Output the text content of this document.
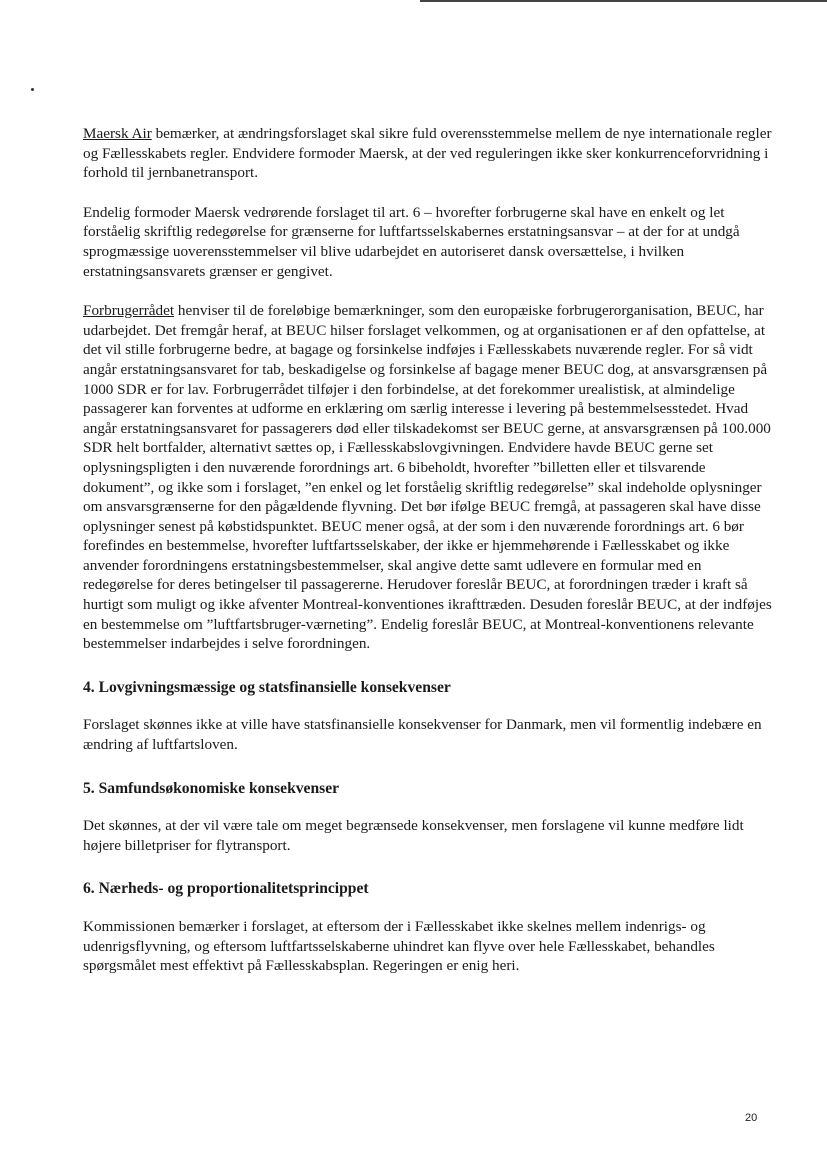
Maersk Air bemærker, at ændringsforslaget skal sikre fuld overensstemmelse mellem de nye internationale regler og Fællesskabets regler. Endvidere formoder Maersk, at der ved reguleringen ikke sker konkurrenceforvridning i forhold til jernbanetransport.

Endelig formoder Maersk vedrørende forslaget til art. 6 – hvorefter forbrugerne skal have en enkelt og let forståelig skriftlig redegørelse for grænserne for luftfartsselskabernes erstatningsansvar – at der for at undgå sprogmæssige uoverensstemmelser vil blive udarbejdet en autoriseret dansk oversættelse, i hvilken erstatningsansvarets grænser er gengivet.

Forbrugerrådet henviser til de foreløbige bemærkninger, som den europæiske forbrugerorganisation, BEUC, har udarbejdet. Det fremgår heraf, at BEUC hilser forslaget velkommen, og at organisationen er af den opfattelse, at det vil stille forbrugerne bedre, at bagage og forsinkelse indføjes i Fællesskabets nuværende regler. For så vidt angår erstatningsansvaret for tab, beskadigelse og forsinkelse af bagage mener BEUC dog, at ansvarsgrænsen på 1000 SDR er for lav. Forbrugerrådet tilføjer i den forbindelse, at det forekommer urealistisk, at almindelige passagerer kan forventes at udforme en erklæring om særlig interesse i levering på bestemmelsesstedet. Hvad angår erstatningsansvaret for passagerers død eller tilskadekomst ser BEUC gerne, at ansvarsgrænsen på 100.000 SDR helt bortfalder, alternativt sættes op, i Fællesskabslovgivningen. Endvidere havde BEUC gerne set oplysningspligten i den nuværende forordnings art. 6 bibeholdt, hvorefter ”billetten eller et tilsvarende dokument”, og ikke som i forslaget, ”en enkel og let forståelig skriftlig redegørelse” skal indeholde oplysninger om ansvarsgrænserne for den pågældende flyvning. Det bør ifølge BEUC fremgå, at passageren skal have disse oplysninger senest på købstidspunktet. BEUC mener også, at der som i den nuværende forordnings art. 6 bør forefindes en bestemmelse, hvorefter luftfartsselskaber, der ikke er hjemmehørende i Fællesskabet og ikke anvender forordningens erstatningsbestemmelser, skal angive dette samt udlevere en formular med en redegørelse for deres betingelser til passagererne. Herudover foreslår BEUC, at forordningen træder i kraft så hurtigt som muligt og ikke afventer Montreal-konventiones ikrafttræden. Desuden foreslår BEUC, at der indføjes en bestemmelse om ”luftfartsbruger-værneting”. Endelig foreslår BEUC, at Montreal-konventionens relevante bestemmelser indarbejdes i selve forordningen.

4. Lovgivningsmæssige og statsfinansielle konsekvenser

Forslaget skønnes ikke at ville have statsfinansielle konsekvenser for Danmark, men vil formentlig indebære en ændring af luftfartsloven.

5. Samfundsøkonomiske konsekvenser

Det skønnes, at der vil være tale om meget begrænsede konsekvenser, men forslagene vil kunne medføre lidt højere billetpriser for flytransport.

6. Nærheds- og proportionalitetsprincippet

Kommissionen bemærker i forslaget, at eftersom der i Fællesskabet ikke skelnes mellem indenrigs- og udenrigsflyvning, og eftersom luftfartsselskaberne uhindret kan flyve over hele Fællesskabet, behandles spørgsmålet mest effektivt på Fællesskabsplan. Regeringen er enig heri.

20
